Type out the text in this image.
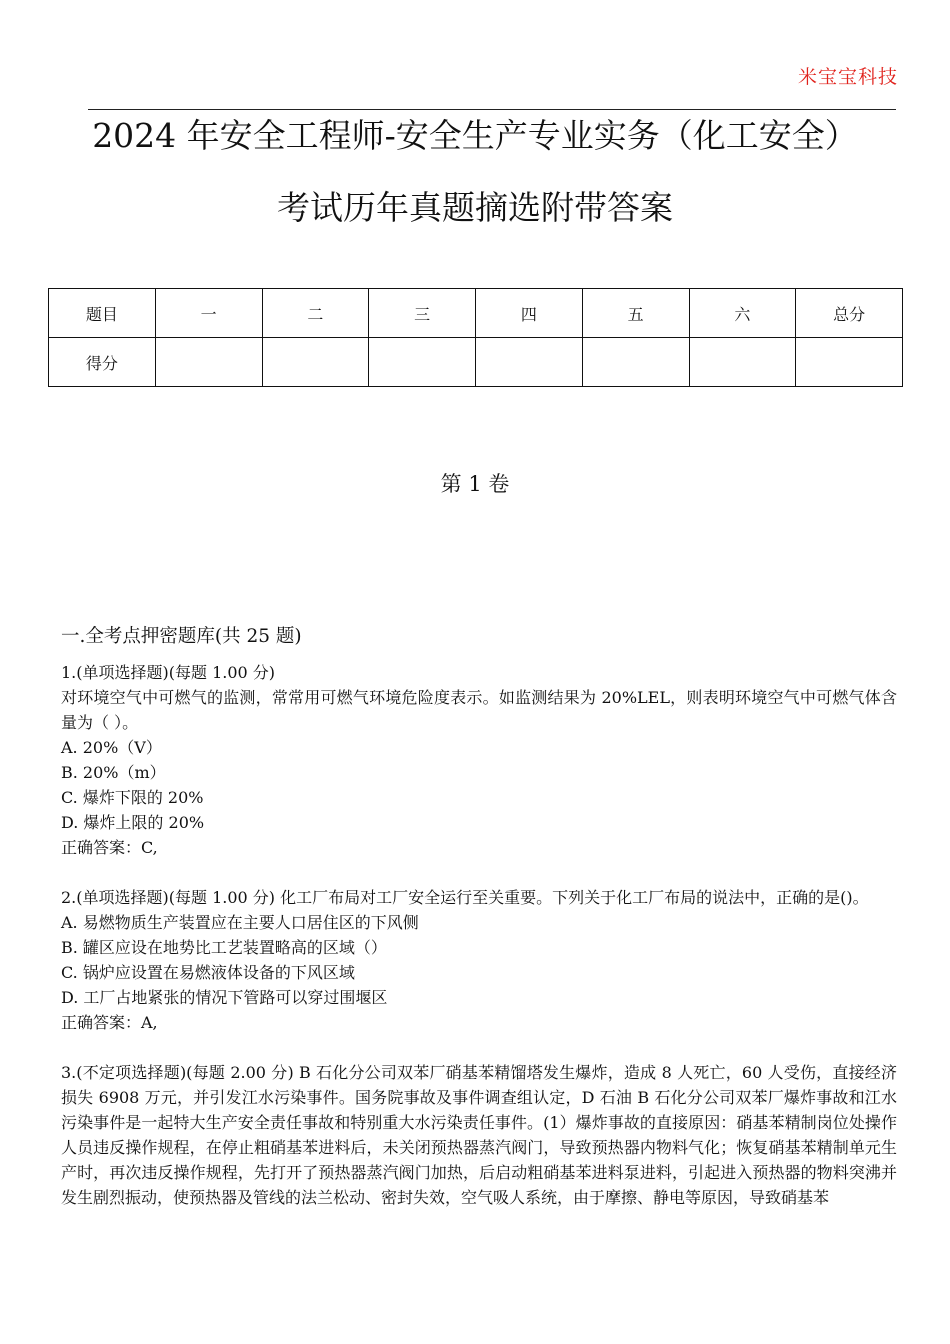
米宝宝科技
2024 年安全工程师-安全生产专业实务（化工安全）
考试历年真题摘选附带答案
题目	一	二	三	四	五	六	总分
得分							
第 1 卷
一.全考点押密题库(共 25 题)
1.(单项选择题)(每题 1.00 分)
对环境空气中可燃气的监测，常常用可燃气环境危险度表示。如监测结果为 20%LEL，则表明环境空气中可燃气体含量为（ ）。
A. 20%（V）
B. 20%（m）
C. 爆炸下限的 20%
D. 爆炸上限的 20%
正确答案：C,
2.(单项选择题)(每题 1.00 分) 化工厂布局对工厂安全运行至关重要。下列关于化工厂布局的说法中，正确的是()。
A. 易燃物质生产装置应在主要人口居住区的下风侧
B. 罐区应设在地势比工艺装置略高的区域（）
C. 锅炉应设置在易燃液体设备的下风区域
D. 工厂占地紧张的情况下管路可以穿过围堰区
正确答案：A,
3.(不定项选择题)(每题 2.00 分) B 石化分公司双苯厂硝基苯精馏塔发生爆炸，造成 8 人死亡，60 人受伤，直接经济损失 6908 万元，并引发江水污染事件。国务院事故及事件调查组认定，D 石油 B 石化分公司双苯厂爆炸事故和江水污染事件是一起特大生产安全责任事故和特别重大水污染责任事件。(1）爆炸事故的直接原因：硝基苯精制岗位处操作人员违反操作规程，在停止粗硝基苯进料后，未关闭预热器蒸汽阀门，导致预热器内物料气化；恢复硝基苯精制单元生产时，再次违反操作规程，先打开了预热器蒸汽阀门加热，后启动粗硝基苯进料泵进料，引起进入预热器的物料突沸并发生剧烈振动，使预热器及管线的法兰松动、密封失效，空气吸人系统，由于摩擦、静电等原因，导致硝基苯
